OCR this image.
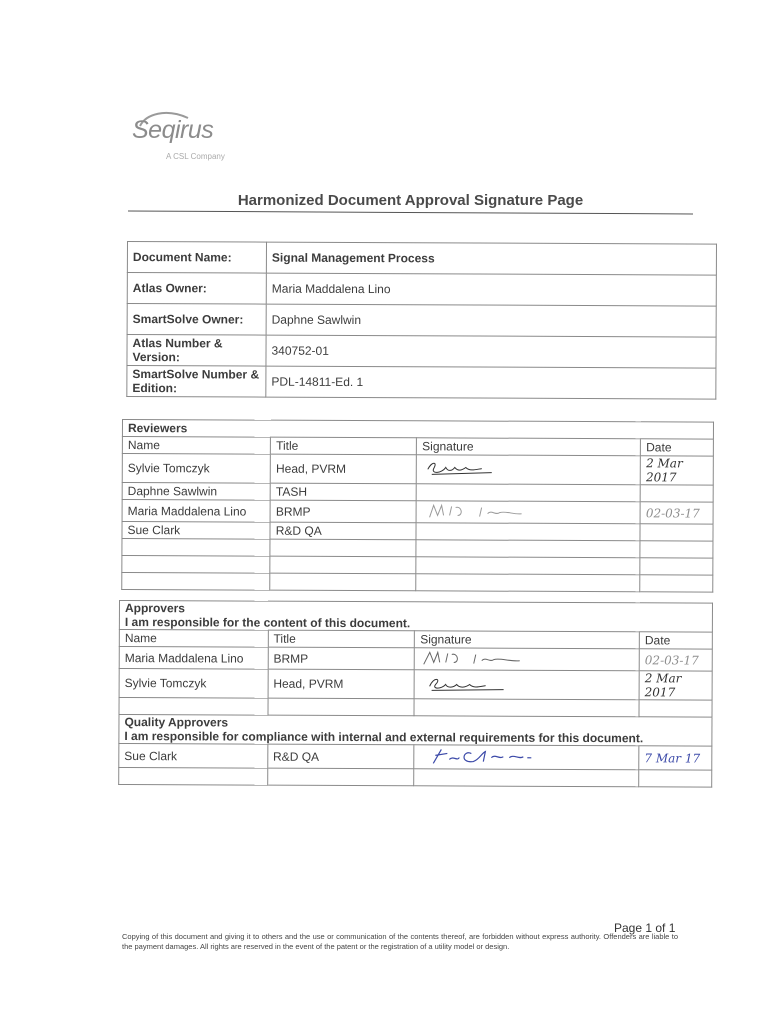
Seqirus
A CSL Company
Harmonized Document Approval Signature Page
Document Name:	Signal Management Process
Atlas Owner:	Maria Maddalena Lino
SmartSolve Owner:	Daphne Sawlwin
Atlas Number & Version:	340752-01
SmartSolve Number & Edition:	PDL-14811-Ed. 1
Reviewers			
Name	Title	Signature	Date
Sylvie Tomczyk	Head, PVRM		2 Mar 2017
Daphne Sawlwin	TASH		
Maria Maddalena Lino	BRMP		02-03-17
Sue Clark	R&D QA		

Approvers
I am responsible for the content of this document.			

Name	Title	Signature	Date
Maria Maddalena Lino	BRMP		02-03-17
Sylvie Tomczyk	Head, PVRM		2 Mar 2017

Quality Approvers
I am responsible for compliance with internal and external requirements for this document.			

Sue Clark	R&D QA		7 Mar 17

Page 1 of 1
Copying of this document and giving it to others and the use or communication of the contents thereof, are forbidden without express authority. Offenders are liable to the payment damages. All rights are reserved in the event of the patent or the registration of a utility model or design.
